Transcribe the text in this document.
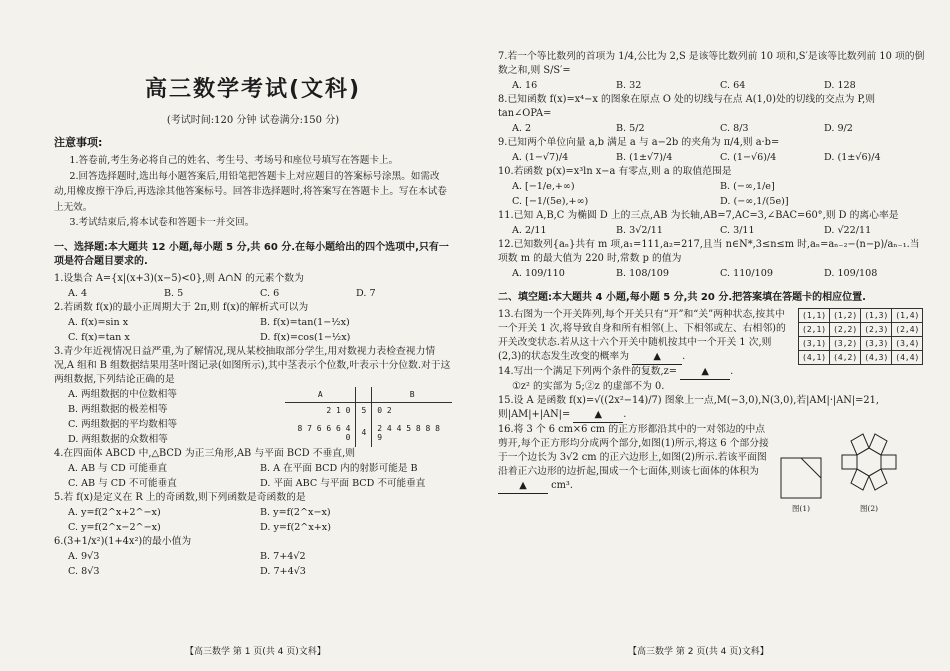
高三数学考试(文科)
(考试时间:120 分钟 试卷满分:150 分)
注意事项:

1.答卷前,考生务必将自己的姓名、考生号、考场号和座位号填写在答题卡上。

2.回答选择题时,选出每小题答案后,用铅笔把答题卡上对应题目的答案标号涂黑。如需改动,用橡皮擦干净后,再选涂其他答案标号。回答非选择题时,将答案写在答题卡上。写在本试卷上无效。

3.考试结束后,将本试卷和答题卡一并交回。

一、选择题:本大题共 12 小题,每小题 5 分,共 60 分.在每小题给出的四个选项中,只有一项是符合题目要求的.

1.设集合 A={x|(x+3)(x−5)<0},则 A∩N 的元素个数为

A. 4	B. 5	C. 6	D. 7

2.若函数 f(x)的最小正周期大于 2π,则 f(x)的解析式可以为

A. f(x)=sin x	B. f(x)=tan(1−½x)
C. f(x)=tan x	D. f(x)=cos(1−½x)

3.青少年近视情况日益严重,为了解情况,现从某校抽取部分学生,用对数视力表检查视力情况,A 组和 B 组数据结果用茎叶图记录(如图所示),其中茎表示个位数,叶表示十分位数.对于这两组数据,下列结论正确的是

A. 两组数据的中位数相等
B. 两组数据的极差相等
C. 两组数据的平均数相等
D. 两组数据的众数相等
A		B
2 1 0	5	0 2
8 7 6 6 6 4 0	4	2 4 4 5 8 8 8 9

4.在四面体 ABCD 中,△BCD 为正三角形,AB 与平面 BCD 不垂直,则

A. AB 与 CD 可能垂直	B. A 在平面 BCD 内的射影可能是 B
C. AB 与 CD 不可能垂直	D. 平面 ABC 与平面 BCD 不可能垂直

5.若 f(x)是定义在 R 上的奇函数,则下列函数是奇函数的是

A. y=f(2^x+2^−x)	B. y=f(2^x−x)
C. y=f(2^x−2^−x)	D. y=f(2^x+x)

6.(3+1/x²)(1+4x²)的最小值为

A. 9√3	B. 7+4√2
C. 8√3	D. 7+4√3
【高三数学 第 1 页(共 4 页)文科】

7.若一个等比数列的首项为 1/4,公比为 2,S 是该等比数列前 10 项和,S′是该等比数列前 10 项的倒数之和,则 S/S′=

A. 16	B. 32	C. 64	D. 128

8.已知函数 f(x)=x⁴−x 的图象在原点 O 处的切线与在点 A(1,0)处的切线的交点为 P,则 tan∠OPA=

A. 2	B. 5/2	C. 8/3	D. 9/2

9.已知两个单位向量 a,b 满足 a 与 a−2b 的夹角为 π/4,则 a·b=

A. (1−√7)/4	B. (1±√7)/4	C. (1−√6)/4	D. (1±√6)/4

10.若函数 p(x)=x³ln x−a 有零点,则 a 的取值范围是

A. [−1/e,+∞)	B. (−∞,1/e]
C. [−1/(5e),+∞)	D. (−∞,1/(5e)]

11.已知 A,B,C 为椭圆 D 上的三点,AB 为长轴,AB=7,AC=3,∠BAC=60°,则 D 的离心率是

A. 2/11	B. 3√2/11	C. 3/11	D. √22/11

12.已知数列{aₙ}共有 m 项,a₁=111,a₂=217,且当 n∈N*,3≤n≤m 时,aₙ=aₙ₋₂−(n−p)/aₙ₋₁.当项数 m 的最大值为 220 时,常数 p 的值为

A. 109/110	B. 108/109	C. 110/109	D. 109/108
二、填空题:本大题共 4 小题,每小题 5 分,共 20 分.把答案填在答题卡的相应位置.

13.右图为一个开关阵列,每个开关只有“开”和“关”两种状态,按其中一个开关 1 次,将导致自身和所有相邻(上、下相邻或左、右相邻)的开关改变状态.若从这十六个开关中随机按其中一个开关 1 次,则(2,3)的状态发生改变的概率为 ▲ .

(1,1)	(1,2)	(1,3)	(1,4)
(2,1)	(2,2)	(2,3)	(2,4)
(3,1)	(3,2)	(3,3)	(3,4)
(4,1)	(4,2)	(4,3)	(4,4)

14.写出一个满足下列两个条件的复数,z= ▲ .

①z² 的实部为 5;②z 的虚部不为 0.

15.设 A 是函数 f(x)=√((2x²−14)/7) 图象上一点,M(−3,0),N(3,0),若|AM|·|AN|=21,则|AM|+|AN|= ▲ .

16.将 3 个 6 cm×6 cm 的正方形都沿其中的一对邻边的中点剪开,每个正方形均分成两个部分,如图(1)所示,将这 6 个部分接于一个边长为 3√2 cm 的正六边形上,如图(2)所示.若该平面图沿着正六边形的边折起,围成一个七面体,则该七面体的体积为 ▲ cm³.

图(1)	图(2)
【高三数学 第 2 页(共 4 页)文科】
